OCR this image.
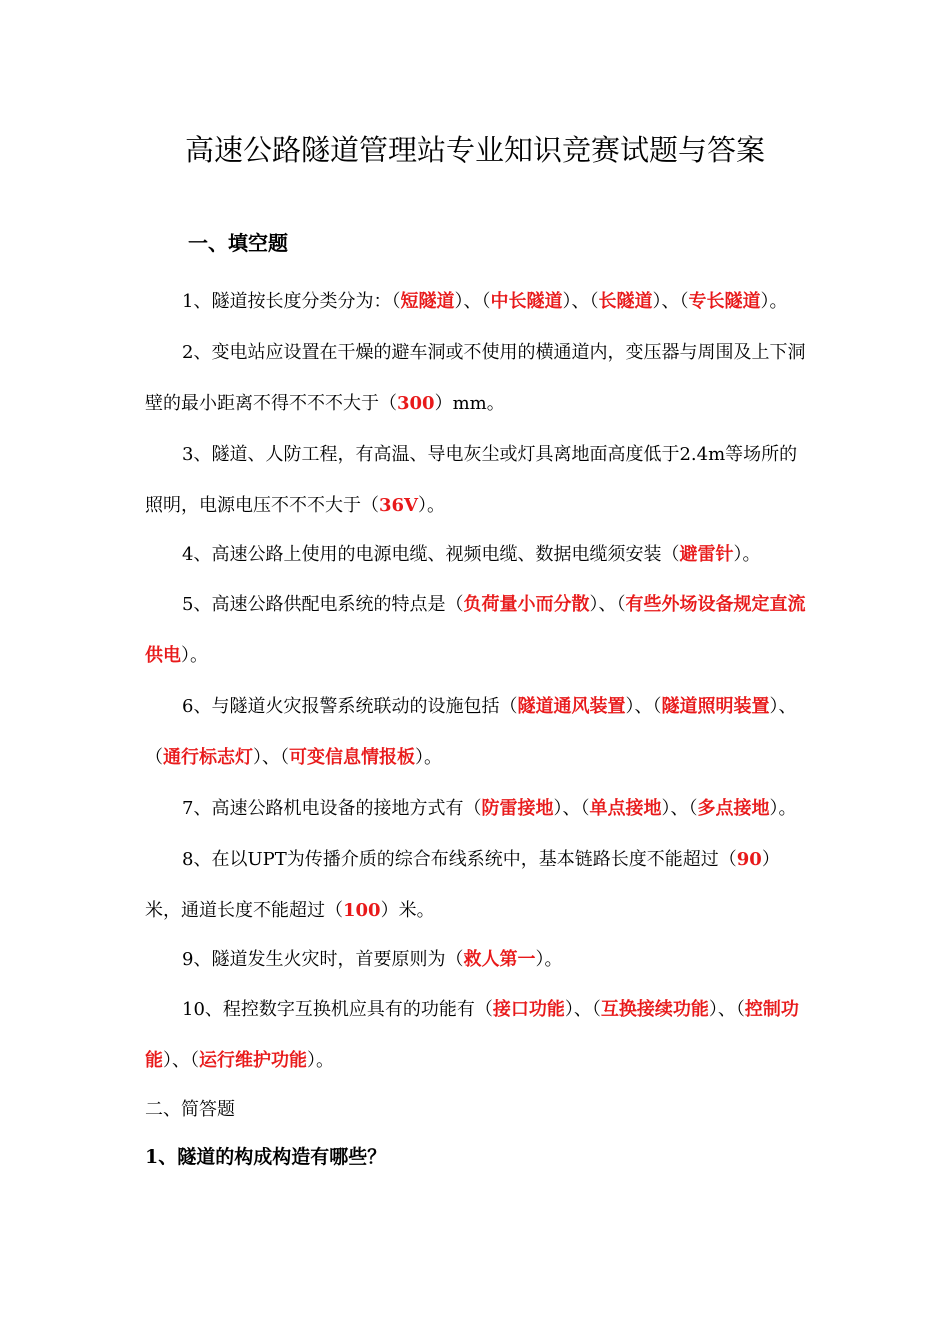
高速公路隧道管理站专业知识竞赛试题与答案
一、填空题

1、隧道按长度分类分为：（短隧道）、（中长隧道）、（长隧道）、（专长隧道）。

2、变电站应设置在干燥的避车洞或不使用的横通道内，变压器与周围及上下洞壁的最小距离不得不不不大于（300）mm。

3、隧道、人防工程，有高温、导电灰尘或灯具离地面高度低于2.4m等场所的照明，电源电压不不不大于（36V）。

4、高速公路上使用的电源电缆、视频电缆、数据电缆须安装（避雷针）。

5、高速公路供配电系统的特点是（负荷量小而分散）、（有些外场设备规定直流供电）。

6、与隧道火灾报警系统联动的设施包括（隧道通风装置）、（隧道照明装置）、（通行标志灯）、（可变信息情报板）。

7、高速公路机电设备的接地方式有（防雷接地）、（单点接地）、（多点接地）。

8、在以UPT为传播介质的综合布线系统中，基本链路长度不能超过（90）米，通道长度不能超过（100）米。

9、隧道发生火灾时，首要原则为（救人第一）。

10、程控数字互换机应具有的功能有（接口功能）、（互换接续功能）、（控制功能）、（运行维护功能）。

二、简答题

1、隧道的构成构造有哪些？
